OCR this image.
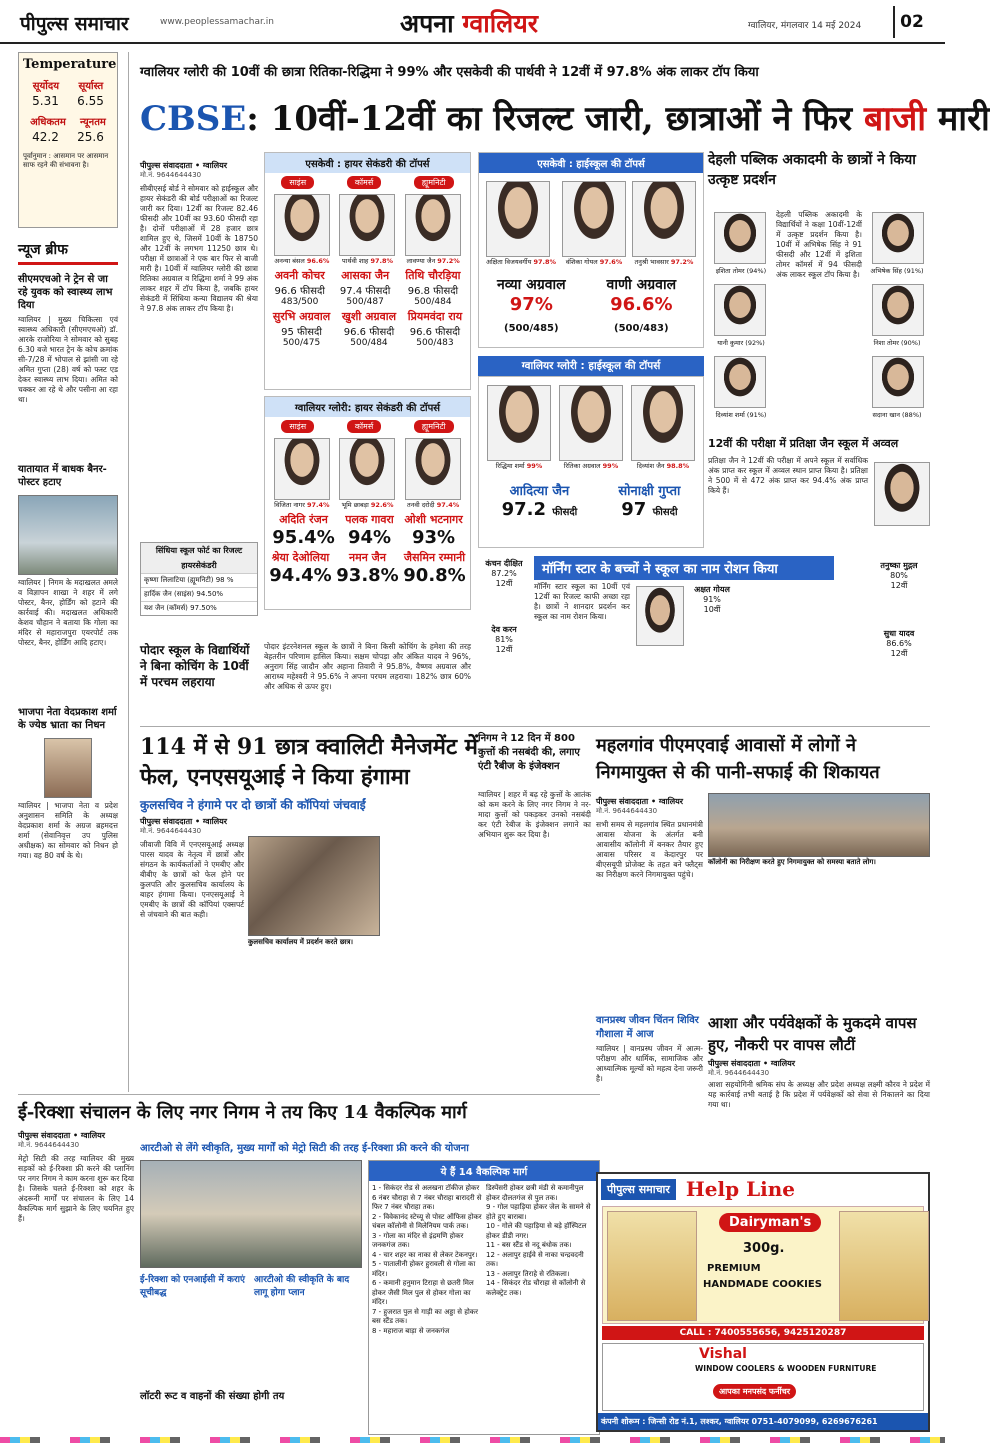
पीपुल्स समाचार	www.peoplessamachar.in	अपना ग्वालियर	ग्वालियर, मंगलवार 14 मई 2024	02
Temperature
सूर्योदय सूर्यास्त
5.31 6.55
अधिकतम न्यूनतम
42.2 25.6
पूर्वानुमान : आसमान पर आसमान साफ रहने की संभावना है।
न्यूज ब्रीफ
सीएमएचओ ने ट्रेन से जा रहे युवक को स्वास्थ्य लाभ दिया
ग्वालियर | मुख्य चिकित्सा एवं स्वास्थ्य अधिकारी (सीएमएचओ) डॉ. आरके राजोरिया ने सोमवार को सुबह 6.30 बजे भारत ट्रेन के कोच क्रमांक सी-7/28 में भोपाल से झांसी जा रहे अमित गुप्ता (28) वर्ष को फस्ट एड देकर स्वास्थ्य लाभ दिया। अमित को चक्कर आ रहे थे और पसीना आ रहा था।
यातायात में बाधक बैनर-पोस्टर हटाए
ग्वालियर | निगम के मदाखलत अमले व विज्ञापन शाखा ने शहर में लगे पोस्टर, बैनर, होर्डिंग को हटाने की कार्रवाई की। मदाखलत अधिकारी केशव चौहान ने बताया कि गोला का मंदिर से महाराजपुरा एयरपोर्ट तक पोस्टर, बैनर, होर्डिंग आदि हटाए।
भाजपा नेता वेदप्रकाश शर्मा के ज्येष्ठ भ्राता का निधन
ग्वालियर | भाजपा नेता व प्रदेश अनुशासन समिति के अध्यक्ष वेदप्रकाश शर्मा के अग्रज ब्रहमदत्त शर्मा (सेवानिवृत्त उप पुलिस अधीक्षक) का सोमवार को निधन हो गया। वह 80 वर्ष के थे।
ग्वालियर ग्लोरी की 10वीं की छात्रा रितिका-रिद्धिमा ने 99% और एसकेवी की पार्थवी ने 12वीं में 97.8% अंक लाकर टॉप किया
CBSE: 10वीं-12वीं का रिजल्ट जारी, छात्राओं ने फिर बाजी मारी
पीपुल्स संवाददाता • ग्वालियर
मो.नं. 9644644430
सीबीएसई बोर्ड ने सोमवार को हाईस्कूल और हायर सेकंडरी की बोर्ड परीक्षाओं का रिजल्ट जारी कर दिया। 12वीं का रिजल्ट 82.46 फीसदी और 10वीं का 93.60 फीसदी रहा है। दोनों परीक्षाओं में 28 हजार छात्र शामिल हुए थे, जिसमें 10वीं के 18750 और 12वीं के लगभग 11250 छात्र थे। परीक्षा में छात्राओं ने एक बार फिर से बाजी मारी है। 10वीं में ग्वालियर ग्लोरी की छात्रा रितिका अग्रवाल व रिद्धिमा शर्मा ने 99 अंक लाकर शहर में टॉप किया है, जबकि हायर सेकंडरी में सिंधिया कन्या विद्यालय की श्रेया ने 97.8 अंक लाकर टॉप किया है।
एसकेवी : हायर सेकंडरी की टॉपर्स
साइंस	कॉमर्स	ह्यूमनिटी
अनन्या बंसल 96.6%	पार्थवी शाह 97.8%	लावण्या जैन 97.2%
अवनी कोचर
96.6 फीसदी
483/500
आसका जैन
97.4 फीसदी
500/487
तिथि चौरड़िया
96.8 फीसदी
500/484
सुरभि अग्रवाल
95 फीसदी
500/475
खुशी अग्रवाल
96.6 फीसदी
500/484
प्रियमवंदा राय
96.6 फीसदी
500/483
ग्वालियर ग्लोरी: हायर सेकंडरी की टॉपर्स
साइंस	कॉमर्स	ह्यूमनिटी
विजिता नागर 97.4%	भूमि छाबड़ा 92.6%	तनवी दरोदी 97.4%
अदिति रंजन
95.4%
पलक गावरा
94%
ओशी भटनागर
93%
श्रेया देओलिया
94.4%
नमन जैन
93.8%
जैसमिन रम्मानी
90.8%
सिंधिया स्कूल फोर्ट का रिजल्ट
हायरसेकंडरी
कृष्णा लिलाटिया (ह्यूमनिटी) 98 %
हार्दिक जैन (साइंस) 94.50%
यश जैन (कॉमर्स) 97.50%
पोदार स्कूल के विद्यार्थियों ने बिना कोचिंग के 10वीं में परचम लहराया
पोदार इंटरनेशनल स्कूल के छात्रों ने बिना किसी कोचिंग के हमेशा की तरह बेहतरीन परिणाम हासिल किया। सक्षम चोपड़ा और अंकित यादव ने 96%, अनुराग सिंह जादौन और अहाना तिवारी ने 95.8%, वैष्णव अग्रवाल और आराध्य महेश्वरी ने 95.6% ने अपना परचम लहराया। 182% छात्र 60% और अधिक से ऊपर हुए।
एसकेवी : हाईस्कूल की टॉपर्स
अक्षिता विजयवर्गीय 97.8%	वंशिका गोयल 97.6%	तनुश्री भावसार 97.2%
नव्या अग्रवाल
97% (500/485)
वाणी अग्रवाल
96.6% (500/483)
ग्वालियर ग्लोरी : हाईस्कूल की टॉपर्स
रिद्धिमा शर्मा 99%	रितिका अग्रवाल 99%	दिव्यांश जैन 98.8%
आदित्या जैन
97.2 फीसदी
सोनाक्षी गुप्ता
97 फीसदी
देहली पब्लिक अकादमी के छात्रों ने किया उत्कृष्ट प्रदर्शन
देहली पब्लिक अकादमी के विद्यार्थियों ने कक्षा 10वीं-12वीं में उत्कृष्ट प्रदर्शन किया है। 10वीं में अभिषेक सिंह ने 91 फीसदी और 12वीं में इशिता तोमर कॉमर्स में 94 फीसदी अंक लाकर स्कूल टॉप किया है।
इशिता तोमर (94%)	अभिषेक सिंह (91%)
यानी कुमार (92%)	निशा तोमर (90%)
दिव्यांश शर्मा (91%)	सदाना खान (88%)
12वीं की परीक्षा में प्रतिक्षा जैन स्कूल में अव्वल
प्रतिक्षा जैन ने 12वीं की परीक्षा में अपने स्कूल में सर्वाधिक अंक प्राप्त कर स्कूल में अव्वल स्थान प्राप्त किया है। प्रतिक्षा ने 500 में से 472 अंक प्राप्त कर 94.4% अंक प्राप्त किये हैं।
मॉर्निंग स्टार के बच्चों ने स्कूल का नाम रोशन किया
कंचन दीक्षित
87.2%
12वीं
देव करन
81%
12वीं
मॉर्निंग स्टार स्कूल का 10वीं एवं 12वीं का रिजल्ट काफी अच्छा रहा है। छात्रों ने शानदार प्रदर्शन कर स्कूल का नाम रोशन किया।
अक्षत गोयल
91%
10वीं
तनुष्का मुद्गल
80%
12वीं
सुधा यादव
86.6%
12वीं
114 में से 91 छात्र क्वालिटी मैनेजमेंट में फेल, एनएसयूआई ने किया हंगामा
कुलसचिव ने हंगामे पर दो छात्रों की कॉपियां जंचवाईं
पीपुल्स संवाददाता • ग्वालियर
मो.नं. 9644644430
जीवाजी विवि में एनएसयूआई अध्यक्ष पारस यादव के नेतृत्व में छात्रों और संगठन के कार्यकर्ताओं ने एमबीए और बीबीए के छात्रों को फेल होने पर कुलपति और कुलसचिव कार्यालय के बाहर हंगामा किया। एनएसयूआई ने एमबीए के छात्रों की कॉपियां एक्सपर्ट से जंचवाने की बात कही।
कुलसचिव कार्यालय में प्रदर्शन करते छात्र।
निगम ने 12 दिन में 800 कुत्तों की नसबंदी की, लगाए एंटी रैबीज के इंजेक्शन
ग्वालियर | शहर में बढ़ रहे कुत्तों के आतंक को कम करने के लिए नगर निगम ने नर-मादा कुत्तों को पकड़कर उनको नसबंदी कर एंटी रेबीज के इंजेक्शन लगाने का अभियान शुरू कर दिया है।
महलगांव पीएमएवाई आवासों में लोगों ने निगमायुक्त से की पानी-सफाई की शिकायत
पीपुल्स संवाददाता • ग्वालियर
मो.नं. 9644644430
सभी समय से महलगांव स्थित प्रधानमंत्री आवास योजना के अंतर्गत बनी आवासीय कॉलोनी में बनकर तैयार हुए आवास परिसर व केदारपुर पर बीएसयूपी प्रोजेक्ट के तहत बने फ्लैट्स का निरीक्षण करने निगमायुक्त पहुंचे।
कॉलोनी का निरीक्षण करते हुए निगमायुक्त को समस्या बताते लोग।
वानप्रस्थ जीवन चिंतन शिविर गौशाला में आज
ग्वालियर | वानप्रस्थ जीवन में आत्म-परीक्षण और धार्मिक, सामाजिक और आध्यात्मिक मूल्यों को महत्व देना जरूरी है।
आशा और पर्यवेक्षकों के मुकदमे वापस हुए, नौकरी पर वापस लौटीं
पीपुल्स संवाददाता • ग्वालियर
मो.नं. 9644644430
आशा सहयोगिनी श्रमिक संघ के अध्यक्ष और प्रदेश अध्यक्ष लक्ष्मी कौरव ने प्रदेश में यह कार्रवाई तभी बताई है कि प्रदेश में पर्यवेक्षकों को सेवा से निकालने का दिया गया था।
ई-रिक्शा संचालन के लिए नगर निगम ने तय किए 14 वैकल्पिक मार्ग
आरटीओ से लेंगे स्वीकृति, मुख्य मार्गों को मेट्रो सिटी की तरह ई-रिक्शा फ्री करने की योजना
पीपुल्स संवाददाता • ग्वालियर
मो.नं. 9644644430
मेट्रो सिटी की तरह ग्वालियर की मुख्य सड़कों को ई-रिक्शा फ्री करने की प्लानिंग पर नगर निगम ने काम करना शुरू कर दिया है। जिसके चलते ई-रिक्शा को शहर के अंदरूनी मार्गों पर संचालन के लिए 14 वैकल्पिक मार्ग सुझाने के लिए चयनित हुए हैं।
ई-रिक्शा को एनआईसी में कराएं सूचीबद्ध
आरटीओ की स्वीकृति के बाद लागू होगा प्लान
लॉटरी रूट व वाहनों की संख्या होगी तय
ये हैं 14 वैकल्पिक मार्ग
1 - सिकंदर रोड से अलखना टॉकीज होकर 6 नंबर चौराहा से 7 नंबर चौराहा बारादरी से फिर 7 नंबर चौराहा तक।
2 - विवेकानंद स्टेच्यू से पोस्ट ऑफिस होकर चंबल कॉलोनी से मिलेनियम पार्क तक।
3 - गोला का मंदिर से इंद्रमणि होकर जनकगंज तक।
4 - चार शहर का नाका से लेकर टेकनपुर।
5 - पातालीनी होकर हुरावली से गोला का मंदिर।
6 - कमानी हनुमान टिराहा से छतरी मिल होकर जैसी मिल पुल से होकर गोला का मंदिर।
7 - हुजरात पुल से गाड़ी का अड्डा से होकर बस स्टैंड तक।
8 - महाराज बाड़ा से जनकगंज
डिस्पेंसरी होकर छत्री मंडी से कमानीपुल होकर दौलतगंज से पुल तक।
9 - गोल पहाड़िया होकर जेल के सामने से होते हुए बाराबा।
10 - गोले की पहाड़िया से बड़े हॉस्पिटल होकर डीडी नगर।
11 - बस स्टैंड से नदू बंधोक तक।
12 - अलापुर हाईवे से नाका चन्द्रवदनी तक।
13 - अलापुर तिराहे से रतिकला।
14 - सिकंदर रोड चौराहा से कॉलोनी से कलेक्ट्रेट तक।
पीपुल्स समाचार Help Line
Dairyman's
300g.
PREMIUM
HANDMADE COOKIES
CALL : 7400555656, 9425120287
Vishal
WINDOW COOLERS & WOODEN FURNITURE
आपका मनपसंद फर्नीचर
कंपनी शोरूम : जिन्सी रोड नं.1, लश्कर, ग्वालियर 0751-4079099, 6269676261
